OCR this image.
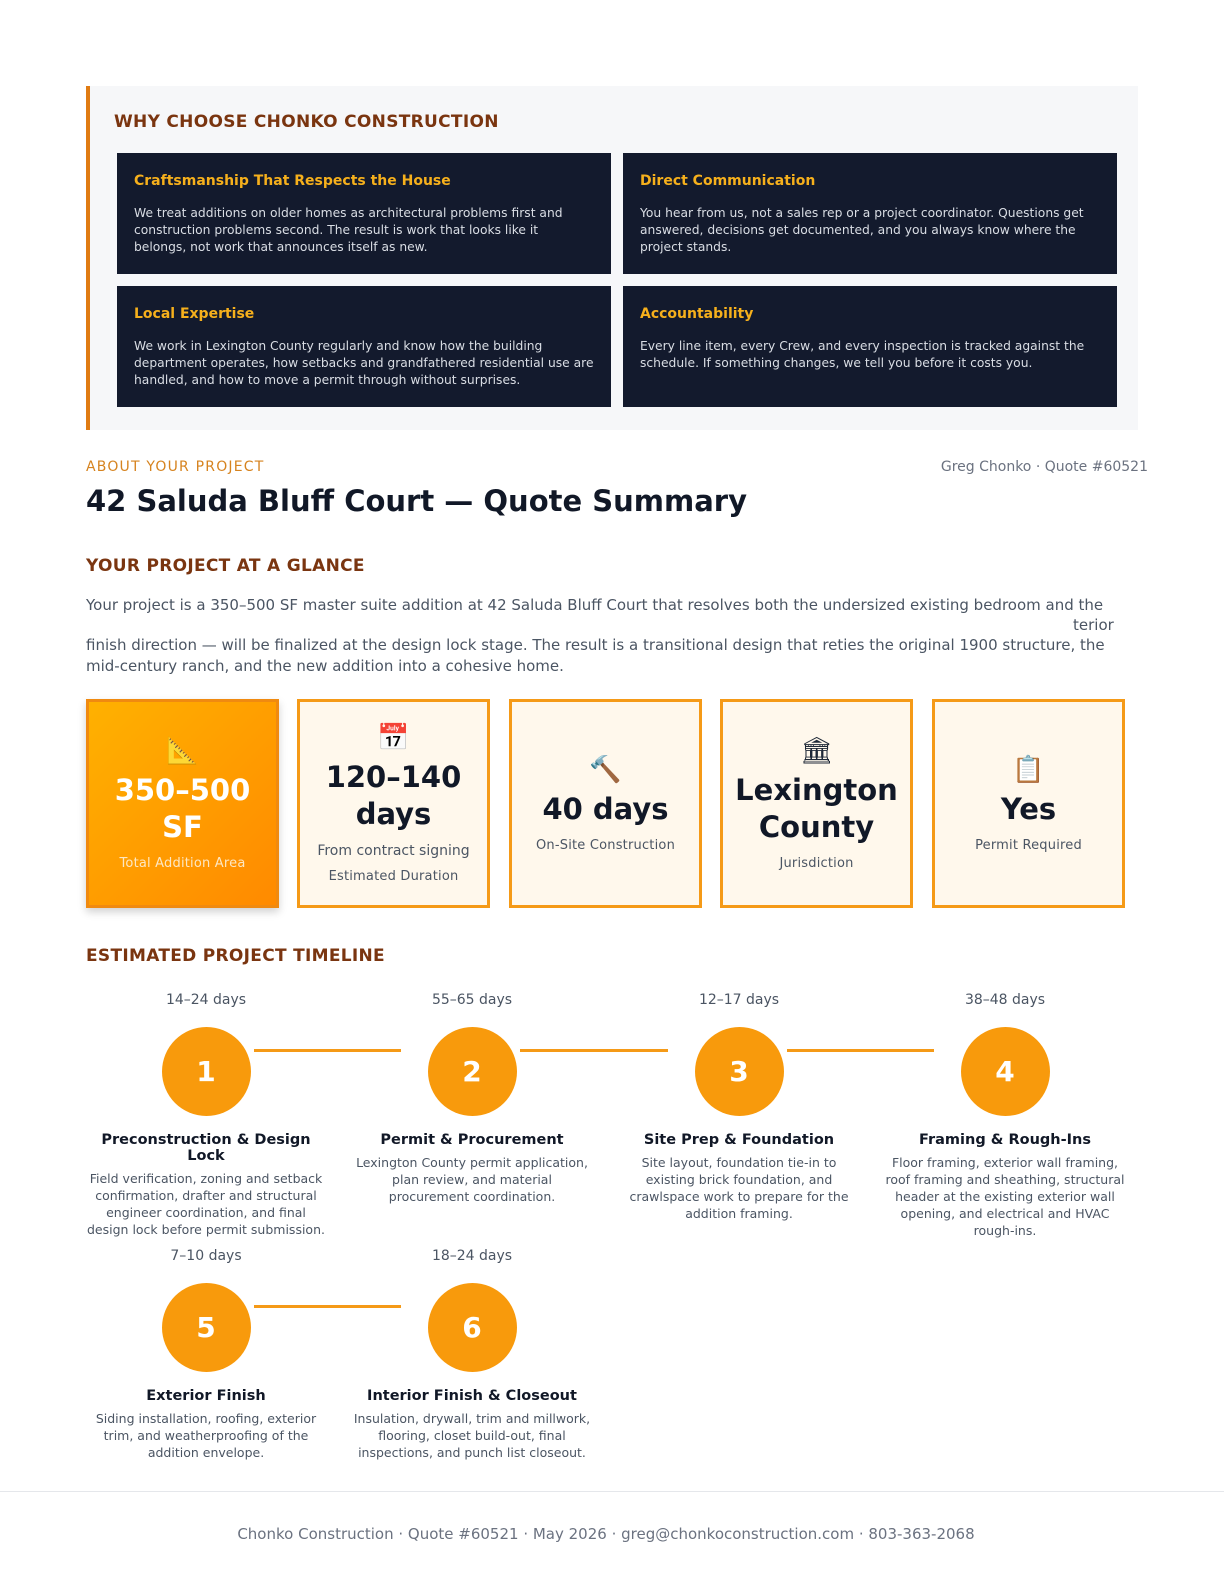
WHY CHOOSE CHONKO CONSTRUCTION
Craftsmanship That Respects the House
We treat additions on older homes as architectural problems first and construction problems second. The result is work that looks like it belongs, not work that announces itself as new.
Direct Communication
You hear from us, not a sales rep or a project coordinator. Questions get answered, decisions get documented, and you always know where the project stands.
Local Expertise
We work in Lexington County regularly and know how the building department operates, how setbacks and grandfathered residential use are handled, and how to move a permit through without surprises.
Accountability
Every line item, every Crew, and every inspection is tracked against the schedule. If something changes, we tell you before it costs you.
ABOUT YOUR PROJECT	Greg Chonko · Quote #60521
42 Saluda Bluff Court — Quote Summary
YOUR PROJECT AT A GLANCE

Your project is a 350–500 SF master suite addition at 42 Saluda Bluff Court that resolves both the undersized existing bedroom and the

terior

finish direction — will be finalized at the design lock stage. The result is a transitional design that reties the original 1900 structure, the mid-century ranch, and the new addition into a cohesive home.

📐
350–500 SF
Total Addition Area
📅
120–140 days
From contract signing
Estimated Duration
🔨
40 days
On-Site Construction
🏛
Lexington County
Jurisdiction
📋
Yes
Permit Required
ESTIMATED PROJECT TIMELINE
14–24 days
1
Preconstruction & Design Lock
Field verification, zoning and setback confirmation, drafter and structural engineer coordination, and final design lock before permit submission.
55–65 days
2
Permit & Procurement
Lexington County permit application, plan review, and material procurement coordination.
12–17 days
3
Site Prep & Foundation
Site layout, foundation tie-in to existing brick foundation, and crawlspace work to prepare for the addition framing.
38–48 days
4
Framing & Rough-Ins
Floor framing, exterior wall framing, roof framing and sheathing, structural header at the existing exterior wall opening, and electrical and HVAC rough-ins.
7–10 days
5
Exterior Finish
Siding installation, roofing, exterior trim, and weatherproofing of the addition envelope.
18–24 days
6
Interior Finish & Closeout
Insulation, drywall, trim and millwork, flooring, closet build-out, final inspections, and punch list closeout.
Chonko Construction · Quote #60521 · May 2026 · greg@chonkoconstruction.com · 803-363-2068
